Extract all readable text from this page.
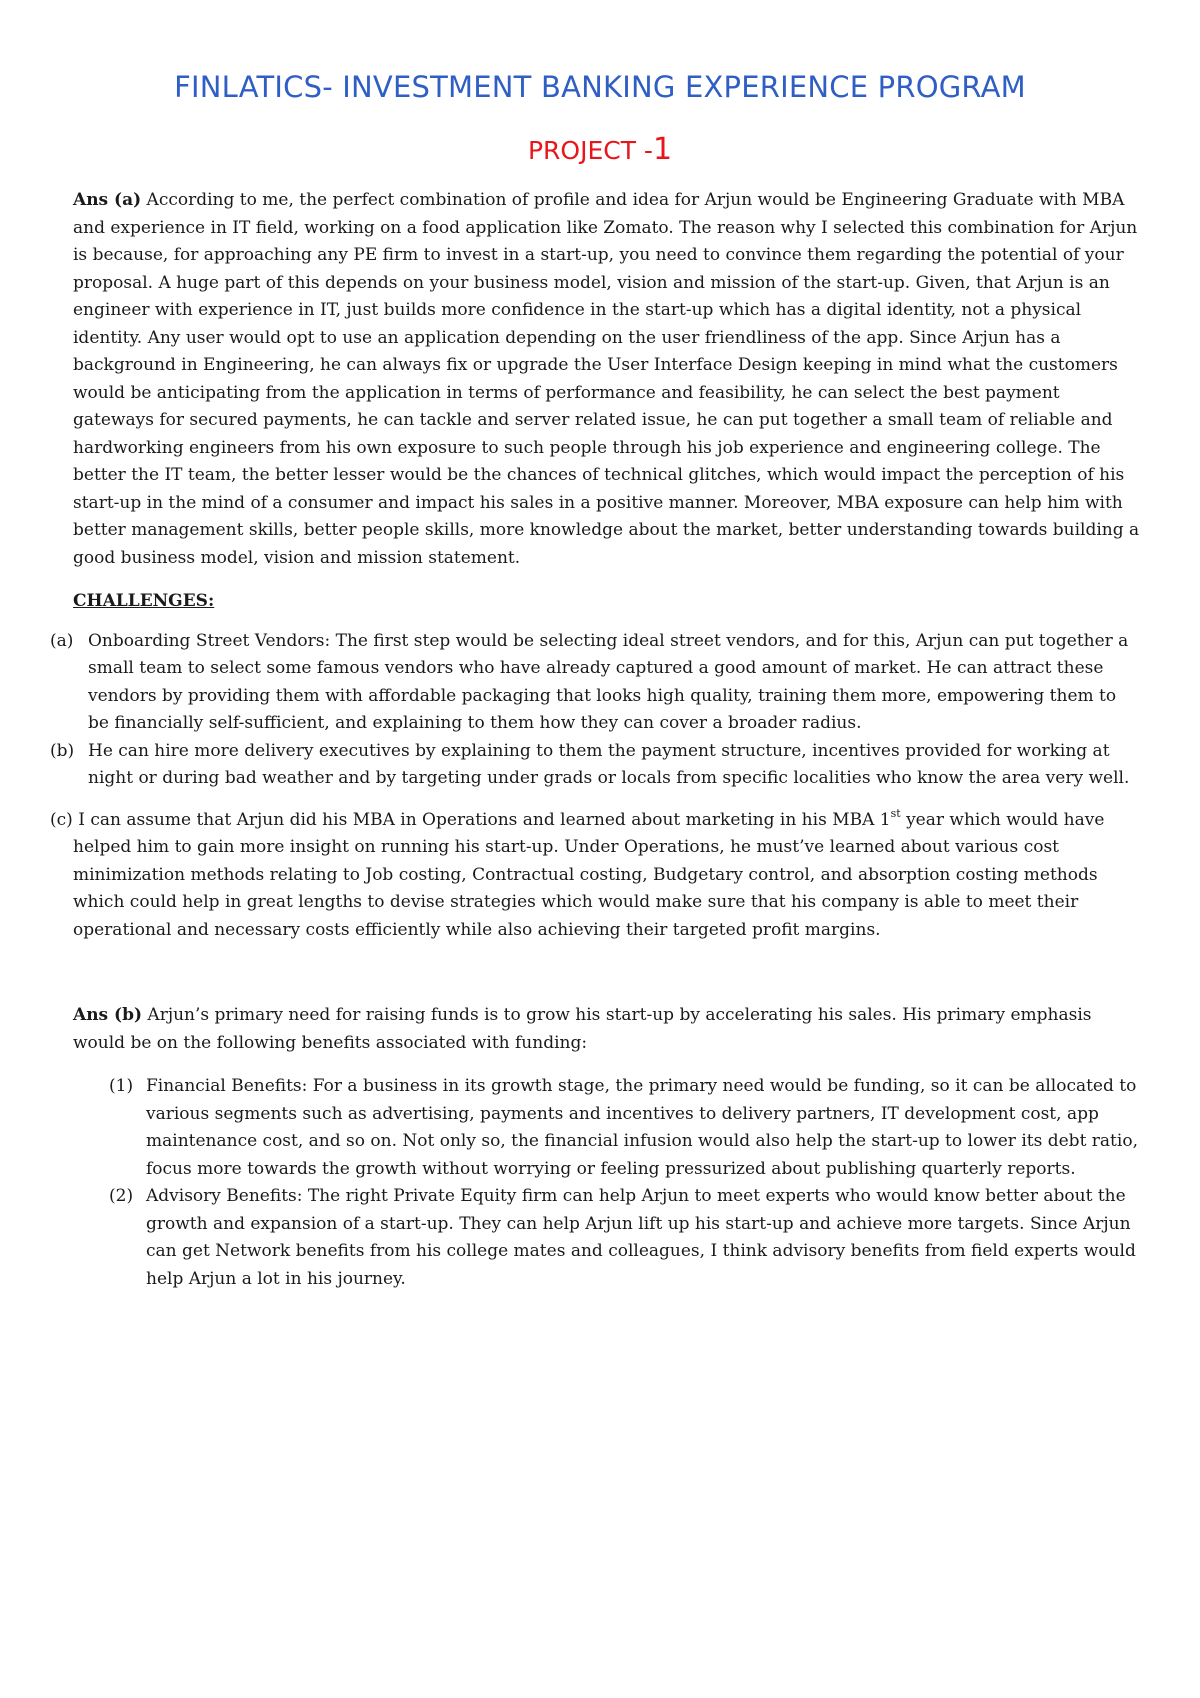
FINLATICS- INVESTMENT BANKING EXPERIENCE PROGRAM
PROJECT -1

Ans (a) According to me, the perfect combination of profile and idea for Arjun would be Engineering Graduate with MBA and experience in IT field, working on a food application like Zomato. The reason why I selected this combination for Arjun is because, for approaching any PE firm to invest in a start-up, you need to convince them regarding the potential of your proposal. A huge part of this depends on your business model, vision and mission of the start-up. Given, that Arjun is an engineer with experience in IT, just builds more confidence in the start-up which has a digital identity, not a physical identity. Any user would opt to use an application depending on the user friendliness of the app. Since Arjun has a background in Engineering, he can always fix or upgrade the User Interface Design keeping in mind what the customers would be anticipating from the application in terms of performance and feasibility, he can select the best payment gateways for secured payments, he can tackle and server related issue, he can put together a small team of reliable and hardworking engineers from his own exposure to such people through his job experience and engineering college. The better the IT team, the better lesser would be the chances of technical glitches, which would impact the perception of his start-up in the mind of a consumer and impact his sales in a positive manner. Moreover, MBA exposure can help him with better management skills, better people skills, more knowledge about the market, better understanding towards building a good business model, vision and mission statement.

CHALLENGES:

(a) Onboarding Street Vendors: The first step would be selecting ideal street vendors, and for this, Arjun can put together a small team to select some famous vendors who have already captured a good amount of market. He can attract these vendors by providing them with affordable packaging that looks high quality, training them more, empowering them to be financially self-sufficient, and explaining to them how they can cover a broader radius.
(b) He can hire more delivery executives by explaining to them the payment structure, incentives provided for working at night or during bad weather and by targeting under grads or locals from specific localities who know the area very well.

(c) I can assume that Arjun did his MBA in Operations and learned about marketing in his MBA 1st year which would have helped him to gain more insight on running his start-up. Under Operations, he must’ve learned about various cost minimization methods relating to Job costing, Contractual costing, Budgetary control, and absorption costing methods which could help in great lengths to devise strategies which would make sure that his company is able to meet their operational and necessary costs efficiently while also achieving their targeted profit margins.

Ans (b) Arjun’s primary need for raising funds is to grow his start-up by accelerating his sales. His primary emphasis would be on the following benefits associated with funding:

(1) Financial Benefits: For a business in its growth stage, the primary need would be funding, so it can be allocated to various segments such as advertising, payments and incentives to delivery partners, IT development cost, app maintenance cost, and so on. Not only so, the financial infusion would also help the start-up to lower its debt ratio, focus more towards the growth without worrying or feeling pressurized about publishing quarterly reports.
(2) Advisory Benefits: The right Private Equity firm can help Arjun to meet experts who would know better about the growth and expansion of a start-up. They can help Arjun lift up his start-up and achieve more targets. Since Arjun can get Network benefits from his college mates and colleagues, I think advisory benefits from field experts would help Arjun a lot in his journey.
